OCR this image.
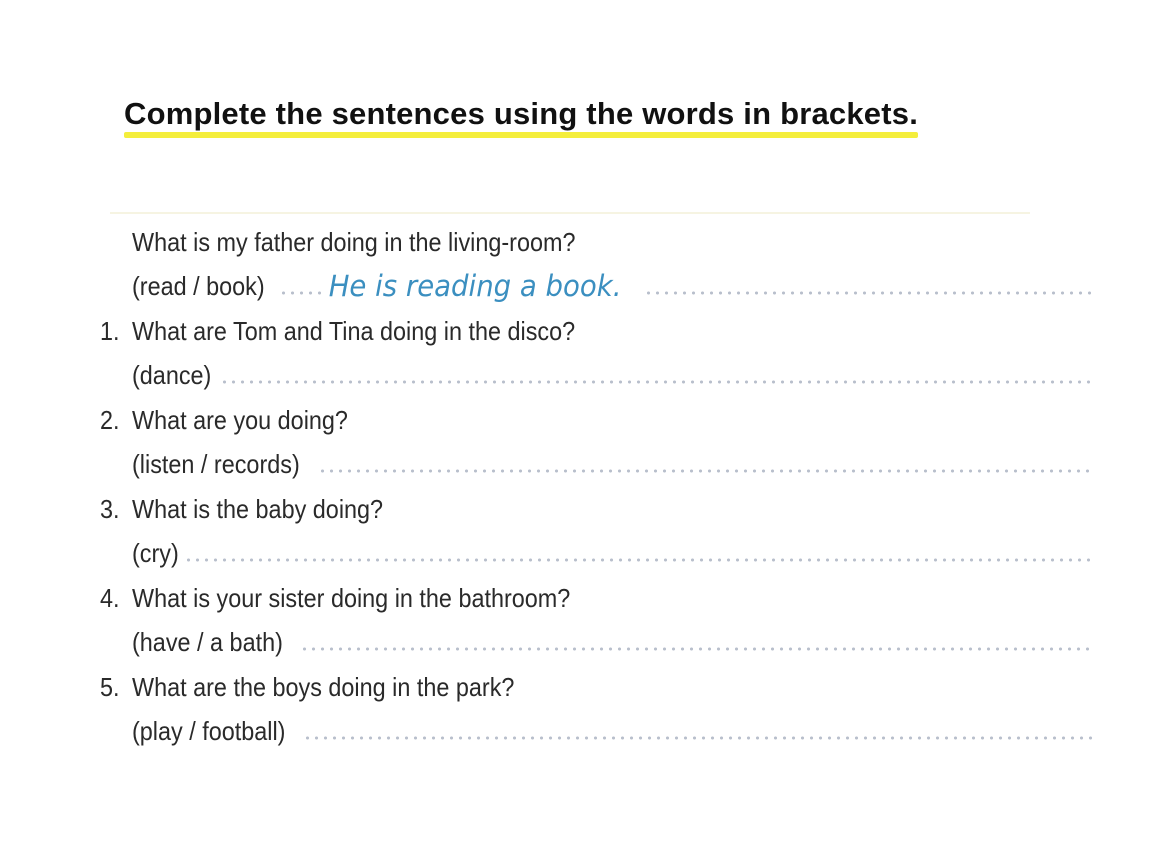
Complete the sentences using the words in brackets.
What is my father doing in the living-room?
(read / book) He is reading a book.
1. What are Tom and Tina doing in the disco?
(dance)
2. What are you doing?
(listen / records)
3. What is the baby doing?
(cry)
4. What is your sister doing in the bathroom?
(have / a bath)
5. What are the boys doing in the park?
(play / football)
